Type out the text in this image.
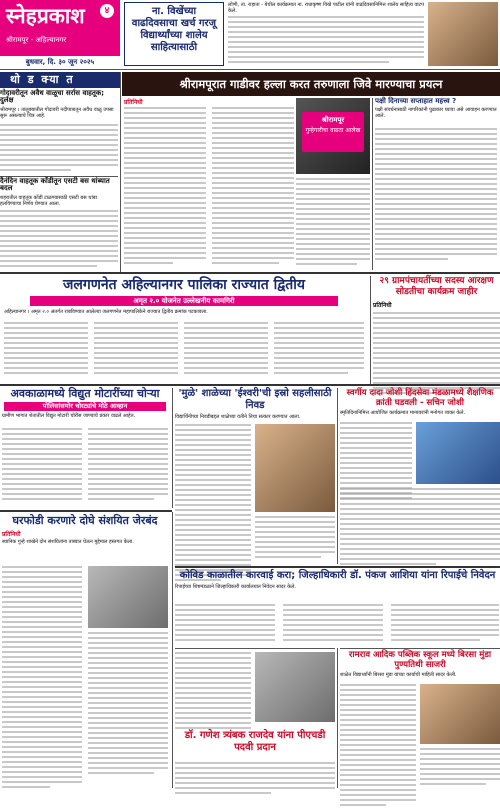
स्नेहप्रकाश	४
श्रीरामपूर - अहिल्यानगर
बुधवार, दि. ३० जून २०२५
ना. विखेंच्या वाढदिवसाचा खर्च गरजू विद्यार्थ्यांच्या शालेय साहित्यासाठी
लोणी, ता. राहाता - येथील कार्यक्रमात ना. राधाकृष्ण विखे पाटील यांनी वाढदिवसानिमित्त शालेय साहित्य वाटप केले.
थो ड क्या त
गोदावरीतून अवैध वाळूचा सर्रास वाहतूक; दुर्लक्ष
श्रीरामपूर । तालुक्यातील गोदावरी नदीपात्रातून अवैध वाळू उपसा सुरू असल्याचे चित्र आहे.
दैनंदिन वाहतूक कोंडीतून एसटी बस थांब्यात बदल
शहरातील वाहतूक कोंडी टाळण्यासाठी एसटी बस थांबा हलविण्याचा निर्णय घेण्यात आला.
श्रीरामपूरात गाडीवर हल्ला करत तरुणाला जिवे मारण्याचा प्रयत्न
प्रतिनिधी
श्रीरामपूर
गुन्हेगारीचा वाढता आलेख
पक्षी दिनाच्या सप्ताहात महत्त्व ?
पक्षी संवर्धनासाठी नागरिकांनी पुढाकार घ्यावा असे आवाहन करण्यात आले.
जलगणनेत अहिल्यानगर पालिका राज्यात द्वितीय
अमृत २.० योजनेत उल्लेखनीय कामगिरी
अहिल्यानगर । अमृत २.० अंतर्गत राबविण्यात आलेल्या जलगणनेत महापालिकेने राज्यात द्वितीय क्रमांक पटकावला.
२९ ग्रामपंचायतींच्या सदस्य आरक्षण सोडतीचा कार्यक्रम जाहीर
प्रतिनिधी
अवकाळामध्ये विद्युत मोटारींच्या चोऱ्या
पोलिसांसमोर चोरट्यांचे मोठे आव्हान
ग्रामीण भागात शेतातील विद्युत मोटारी चोरीस जाण्याचे प्रकार वाढले आहेत.
'मुळे' शाळेच्या 'ईश्वरी'ची इस्रो सहलीसाठी निवड
विद्यार्थिनीच्या निवडीबद्दल शाळेच्या वतीने तिचा सत्कार करण्यात आला.
स्वर्गीय दादा जोशी हिंदसेवा मंडळामध्ये शैक्षणिक क्रांती घडवली - सचिन जोशी
स्मृतिदिनानिमित्त आयोजित कार्यक्रमात मान्यवरांनी मनोगत व्यक्त केले.
घरफोडी करणारे दोघे संशयित जेरबंद
प्रतिनिधी
स्थानिक गुन्हे शाखेने दोन संशयितांना ताब्यात घेऊन मुद्देमाल हस्तगत केला.
कोविड काळातील कारवाई करा; जिल्हाधिकारी डॉ. पंकज आशिया यांना रिपाईचे निवेदन
रिपाईच्या शिष्टमंडळाने जिल्हाधिकारी कार्यालयात निवेदन सादर केले.
डॉ. गणेश त्र्यंबक राजदेव यांना पीएचडी पदवी प्रदान
रामराव आदिक पब्लिक स्कूल मध्ये बिरसा मुंडा पुण्यतिथी साजरी
शाळेत विद्यार्थ्यांनी बिरसा मुंडा यांच्या कार्याची माहिती सादर केली.
